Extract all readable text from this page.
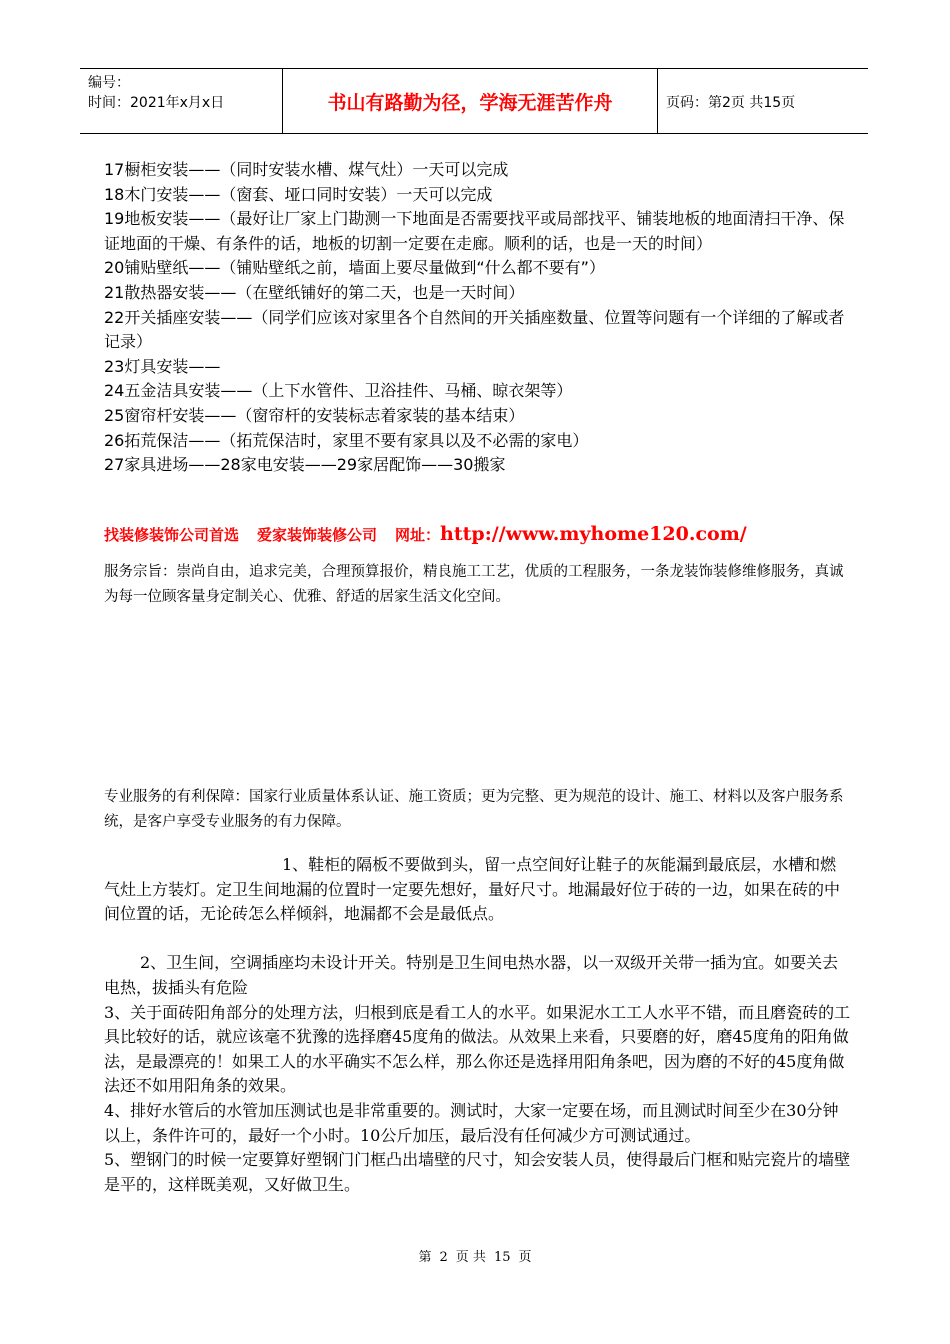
编号：
时间：2021年x月x日	书山有路勤为径，学海无涯苦作舟	页码：第2页 共15页
17橱柜安装——（同时安装水槽、煤气灶）一天可以完成
18木门安装——（窗套、垭口同时安装）一天可以完成
19地板安装——（最好让厂家上门勘测一下地面是否需要找平或局部找平、铺装地板的地面清扫干净、保证地面的干燥、有条件的话，地板的切割一定要在走廊。顺利的话，也是一天的时间）
20铺贴壁纸——（铺贴壁纸之前，墙面上要尽量做到“什么都不要有”）
21散热器安装——（在壁纸铺好的第二天，也是一天时间）
22开关插座安装——（同学们应该对家里各个自然间的开关插座数量、位置等问题有一个详细的了解或者记录）
23灯具安装——
24五金洁具安装——（上下水管件、卫浴挂件、马桶、晾衣架等）
25窗帘杆安装——（窗帘杆的安装标志着家装的基本结束）
26拓荒保洁——（拓荒保洁时，家里不要有家具以及不必需的家电）
27家具进场——28家电安装——29家居配饰——30搬家
找装修装饰公司首选 爱家装饰装修公司 网址：http://www.myhome120.com/

服务宗旨：崇尚自由，追求完美，合理预算报价，精良施工工艺，优质的工程服务，一条龙装饰装修维修服务，真诚为每一位顾客量身定制关心、优雅、舒适的居家生活文化空间。

专业服务的有利保障：国家行业质量体系认证、施工资质；更为完整、更为规范的设计、施工、材料以及客户服务系统，是客户享受专业服务的有力保障。

1、鞋柜的隔板不要做到头，留一点空间好让鞋子的灰能漏到最底层，水槽和燃气灶上方装灯。定卫生间地漏的位置时一定要先想好，量好尺寸。地漏最好位于砖的一边，如果在砖的中间位置的话，无论砖怎么样倾斜，地漏都不会是最低点。

2、卫生间，空调插座均未设计开关。特别是卫生间电热水器，以一双级开关带一插为宜。如要关去电热，拔插头有危险

3、关于面砖阳角部分的处理方法，归根到底是看工人的水平。如果泥水工工人水平不错，而且磨瓷砖的工具比较好的话，就应该毫不犹豫的选择磨45度角的做法。从效果上来看，只要磨的好，磨45度角的阳角做法，是最漂亮的！如果工人的水平确实不怎么样，那么你还是选择用阳角条吧，因为磨的不好的45度角做法还不如用阳角条的效果。

4、排好水管后的水管加压测试也是非常重要的。测试时，大家一定要在场，而且测试时间至少在30分钟以上，条件许可的，最好一个小时。10公斤加压，最后没有任何减少方可测试通过。

5、塑钢门的时候一定要算好塑钢门门框凸出墙壁的尺寸，知会安装人员，使得最后门框和贴完瓷片的墙壁是平的，这样既美观，又好做卫生。

第 2 页 共 15 页
